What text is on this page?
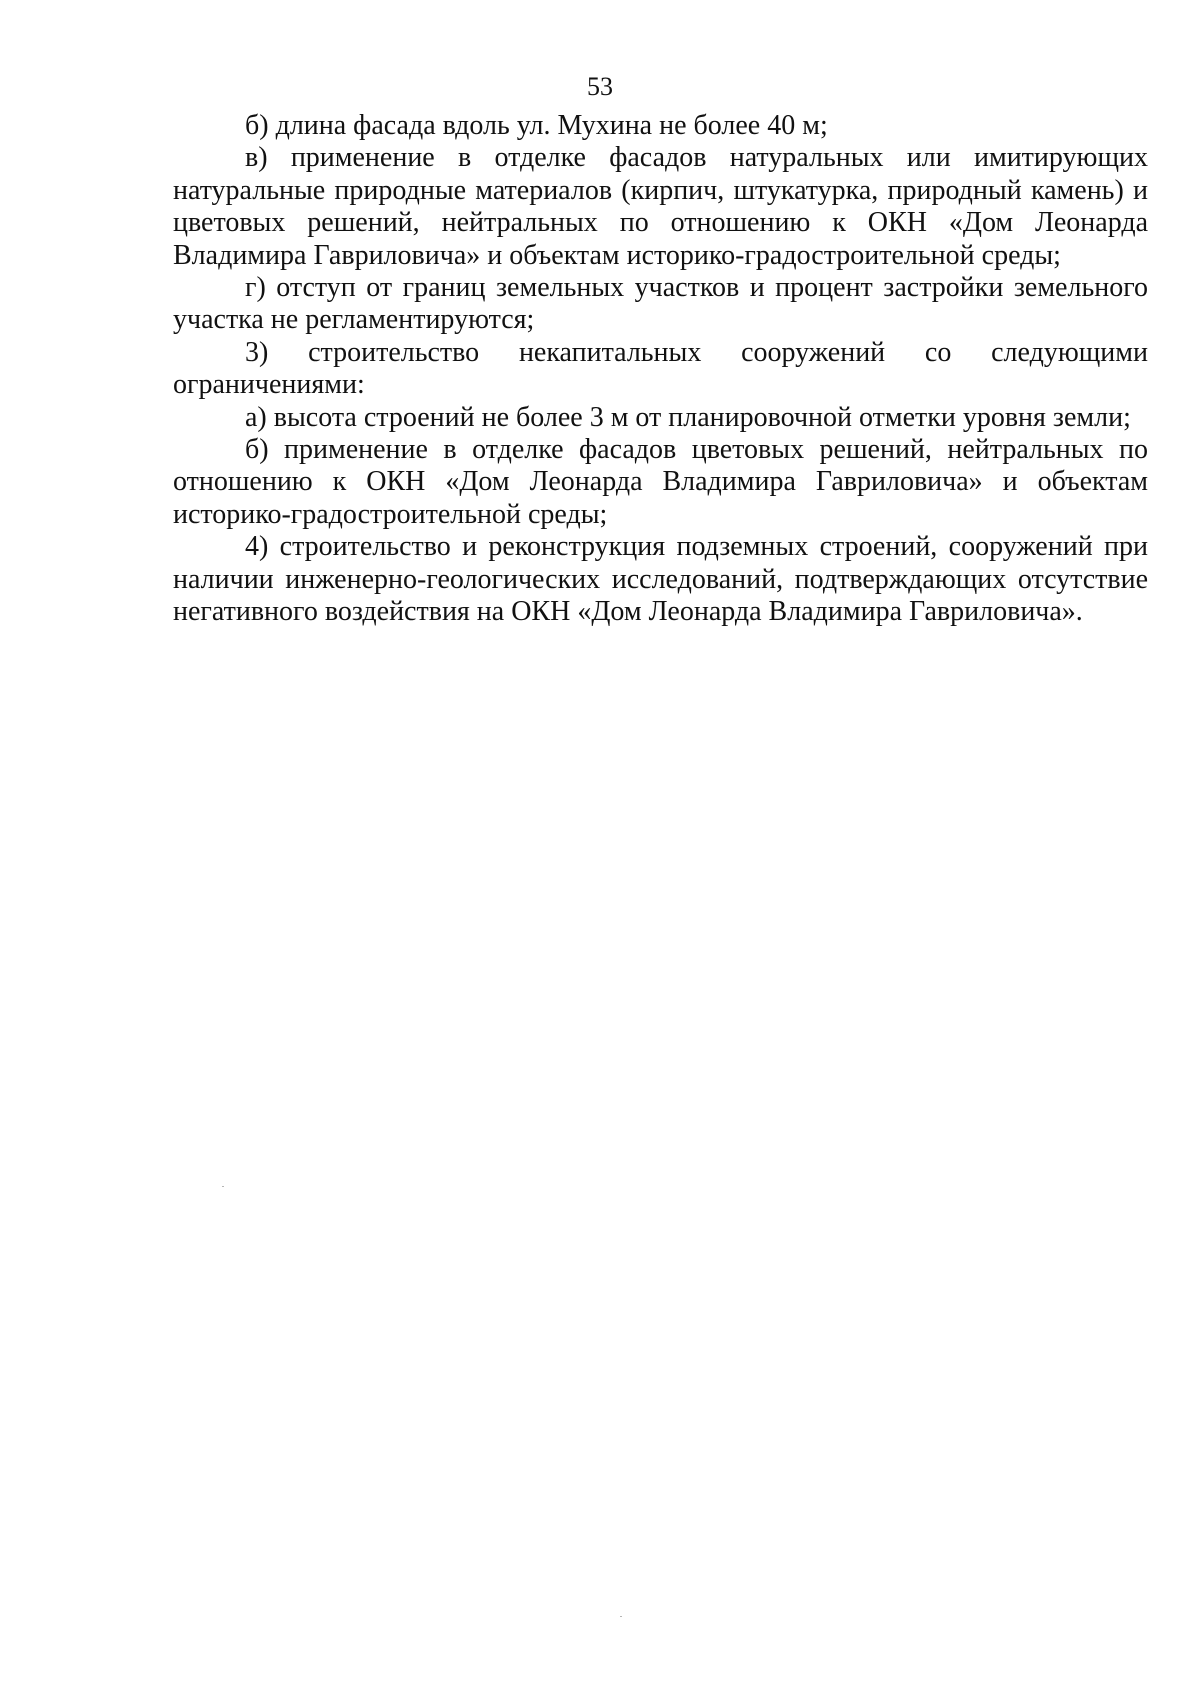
53

б) длина фасада вдоль ул. Мухина не более 40 м;

в) применение в отделке фасадов натуральных или имитирующих натуральные природные материалов (кирпич, штукатурка, природный камень) и цветовых решений, нейтральных по отношению к ОКН «Дом Леонарда Владимира Гавриловича» и объектам историко-градостроительной среды;

г) отступ от границ земельных участков и процент застройки земельного участка не регламентируются;

3) строительство некапитальных сооружений со следующими ограничениями:

а) высота строений не более 3 м от планировочной отметки уровня земли;

б) применение в отделке фасадов цветовых решений, нейтральных по отношению к ОКН «Дом Леонарда Владимира Гавриловича» и объектам историко-градостроительной среды;

4) строительство и реконструкция подземных строений, сооружений при наличии инженерно-геологических исследований, подтверждающих отсутствие негативного воздействия на ОКН «Дом Леонарда Владимира Гавриловича».
